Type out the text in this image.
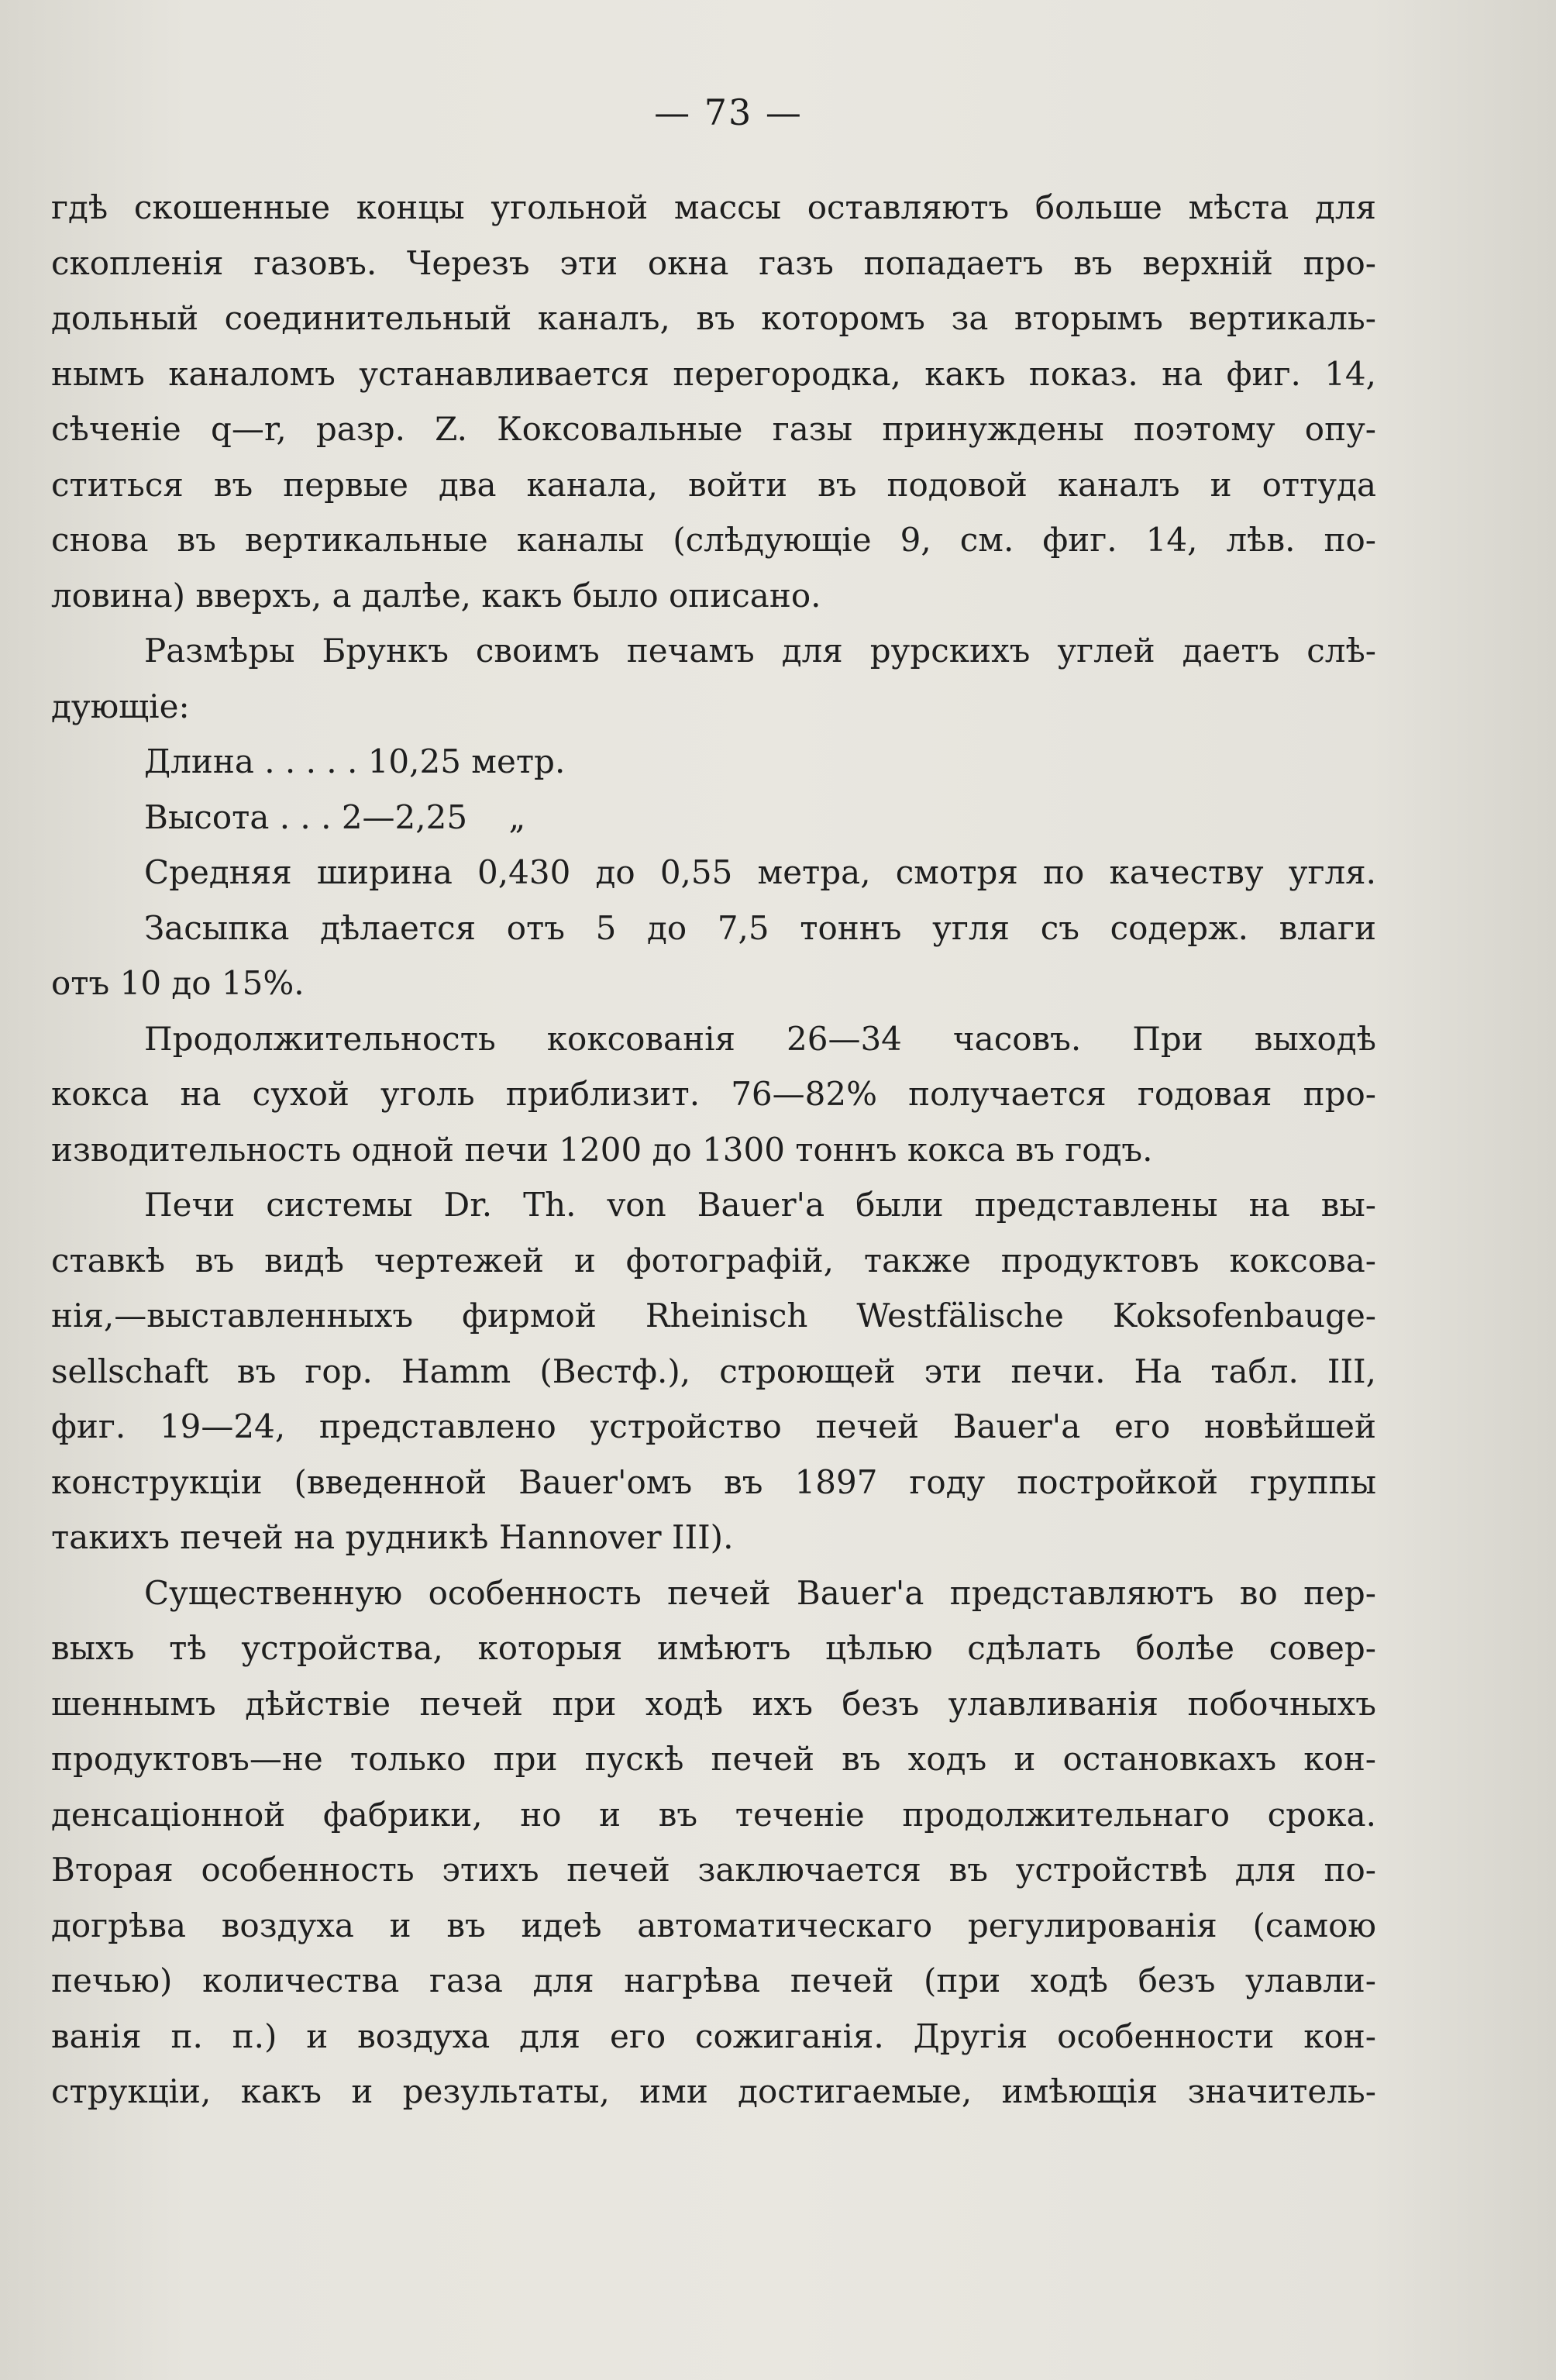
— 73 —
гдѣ скошенные концы угольной массы оставляютъ больше мѣста для
скопленія газовъ. Черезъ эти окна газъ попадаетъ въ верхній про-
дольный соединительный каналъ, въ которомъ за вторымъ вертикаль-
нымъ каналомъ устанавливается перегородка, какъ показ. на фиг. 14,
сѣченіе q—r, разр. Z. Коксовальные газы принуждены поэтому опу-
ститься въ первые два канала, войти въ подовой каналъ и оттуда
снова въ вертикальные каналы (слѣдующіе 9, см. фиг. 14, лѣв. по-
ловина) вверхъ, а далѣе, какъ было описано.
Размѣры Брункъ своимъ печамъ для рурскихъ углей даетъ слѣ-
дующіе:
Длина . . . . . 10,25 метр.
Высота . . . 2—2,25    „
Средняя ширина 0,430 до 0,55 метра, смотря по качеству угля.
Засыпка дѣлается отъ 5 до 7,5 тоннъ угля съ содерж. влаги
отъ 10 до 15%.
Продолжительность коксованія 26—34 часовъ. При выходѣ
кокса на сухой уголь приблизит. 76—82% получается годовая про-
изводительность одной печи 1200 до 1300 тоннъ кокса въ годъ.
Печи системы Dr. Th. von Bauer'а были представлены на вы-
ставкѣ въ видѣ чертежей и фотографій, также продуктовъ коксова-
нія,—выставленныхъ фирмой Rheinisch Westfälische Koksofenbauge-
sellschaft въ гор. Hamm (Вестф.), строющей эти печи. На табл. III,
фиг. 19—24, представлено устройство печей Bauer'а его новѣйшей
конструкціи (введенной Bauer'омъ въ 1897 году постройкой группы
такихъ печей на рудникѣ Hannover III).
Существенную особенность печей Bauer'а представляютъ во пер-
выхъ тѣ устройства, которыя имѣютъ цѣлью сдѣлать болѣе совер-
шеннымъ дѣйствіе печей при ходѣ ихъ безъ улавливанія побочныхъ
продуктовъ—не только при пускѣ печей въ ходъ и остановкахъ кон-
денсаціонной фабрики, но и въ теченіе продолжительнаго срока.
Вторая особенность этихъ печей заключается въ устройствѣ для по-
догрѣва воздуха и въ идеѣ автоматическаго регулированія (самою
печью) количества газа для нагрѣва печей (при ходѣ безъ улавли-
ванія п. п.) и воздуха для его сожиганія. Другія особенности кон-
струкціи, какъ и результаты, ими достигаемые, имѣющія значитель-
